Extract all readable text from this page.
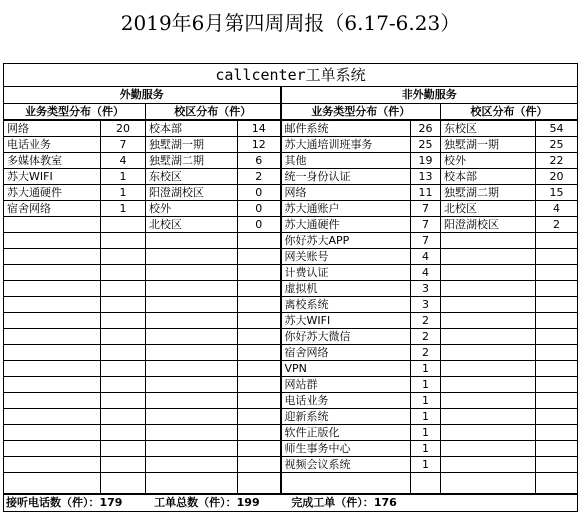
2019年6月第四周周报（6.17-6.23）
callcenter工单系统							
外勤服务				非外勤服务			
业务类型分布（件）		校区分布（件）		业务类型分布（件）		校区分布（件）	
网络	20	校本部	14	邮件系统	26	东校区	54
电话业务	7	独墅湖一期	12	苏大通培训班事务	25	独墅湖一期	25
多媒体教室	4	独墅湖二期	6	其他	19	校外	22
苏大WIFI	1	东校区	2	统一身份认证	13	校本部	20
苏大通硬件	1	阳澄湖校区	0	网络	11	独墅湖二期	15
宿舍网络	1	校外	0	苏大通账户	7	北校区	4
		北校区	0	苏大通硬件	7	阳澄湖校区	2
				你好苏大APP	7		
				网关账号	4		
				计费认证	4		
				虚拟机	3		
				离校系统	3		
				苏大WIFI	2		
				你好苏大微信	2		
				宿舍网络	2		
				VPN	1		
				网站群	1		
				电话业务	1		
				迎新系统	1		
				软件正版化	1		
				师生事务中心	1		
				视频会议系统	1		

接听电话数（件）：179 工单总数（件）：199 完成工单（件）：176							
